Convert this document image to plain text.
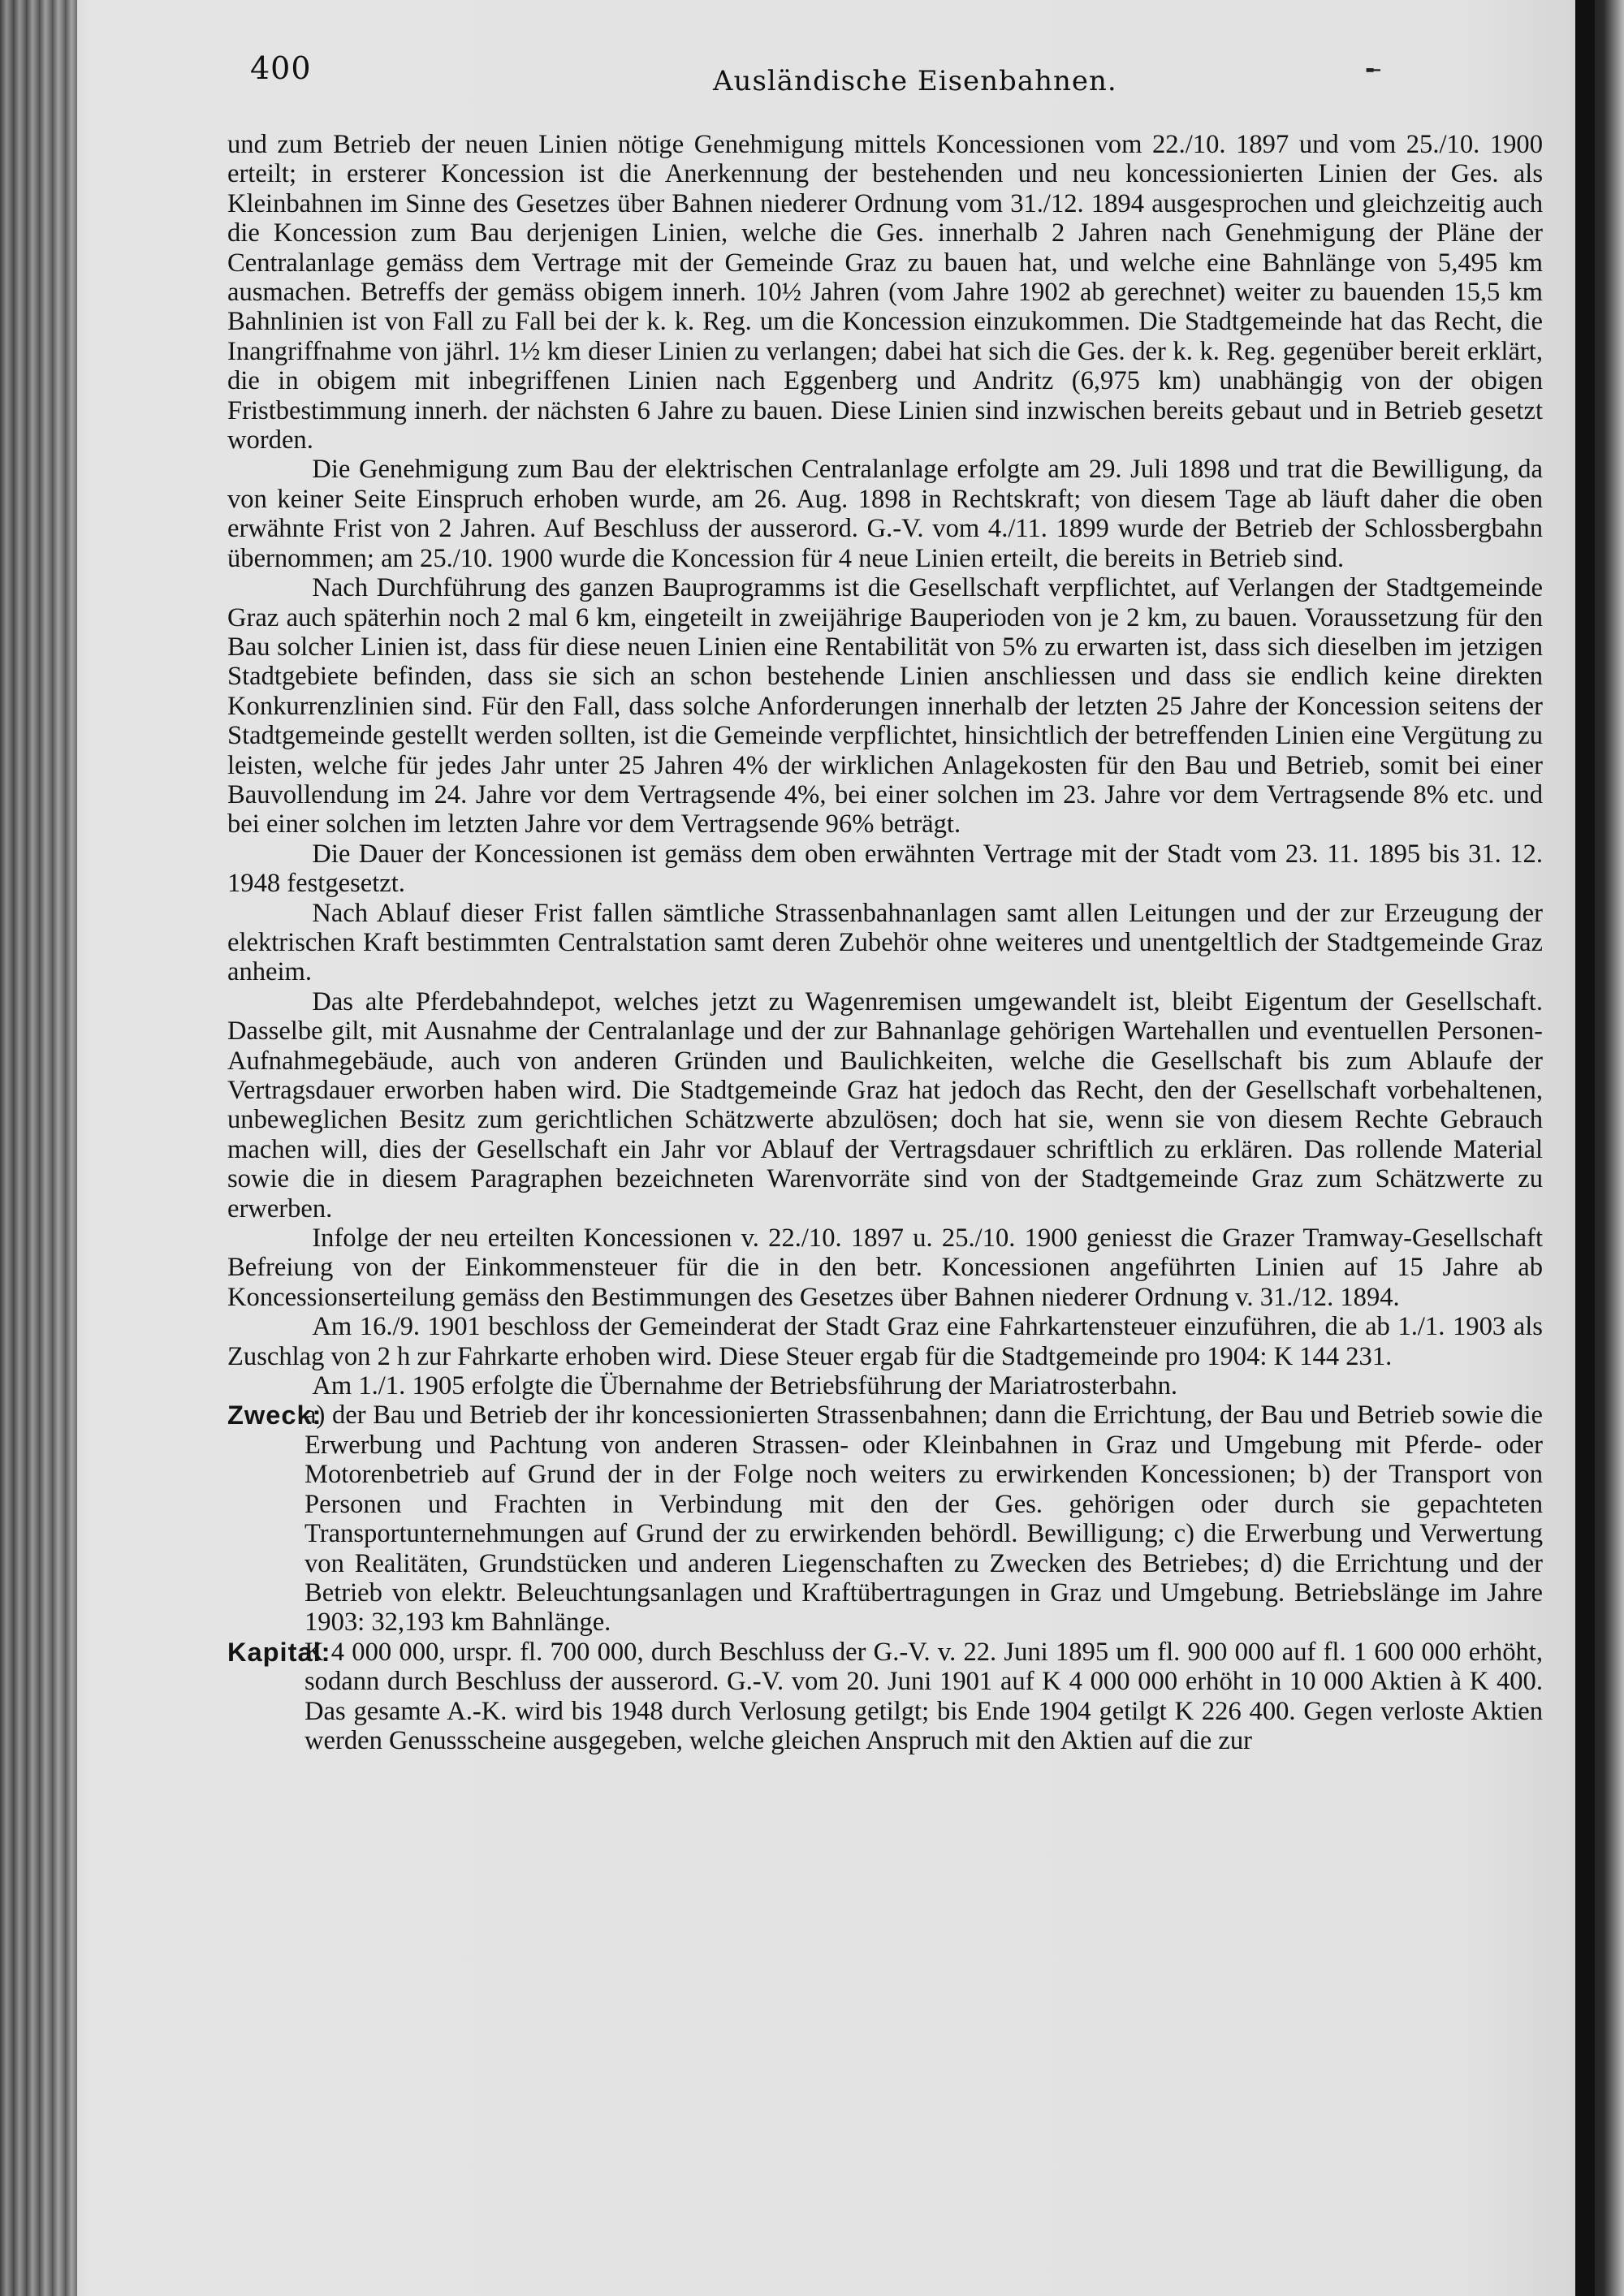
400	Ausländische Eisenbahnen.	╾

und zum Betrieb der neuen Linien nötige Genehmigung mittels Koncessionen vom 22./10. 1897 und vom 25./10. 1900 erteilt; in ersterer Koncession ist die Anerkennung der bestehenden und neu koncessionierten Linien der Ges. als Kleinbahnen im Sinne des Gesetzes über Bahnen niederer Ordnung vom 31./12. 1894 ausgesprochen und gleichzeitig auch die Koncession zum Bau derjenigen Linien, welche die Ges. innerhalb 2 Jahren nach Genehmigung der Pläne der Centralanlage gemäss dem Vertrage mit der Gemeinde Graz zu bauen hat, und welche eine Bahnlänge von 5,495 km ausmachen. Betreffs der gemäss obigem innerh. 10½ Jahren (vom Jahre 1902 ab gerechnet) weiter zu bauenden 15,5 km Bahnlinien ist von Fall zu Fall bei der k. k. Reg. um die Koncession einzukommen. Die Stadtgemeinde hat das Recht, die Inangriffnahme von jährl. 1½ km dieser Linien zu verlangen; dabei hat sich die Ges. der k. k. Reg. gegenüber bereit erklärt, die in obigem mit inbegriffenen Linien nach Eggenberg und Andritz (6,975 km) unabhängig von der obigen Fristbestimmung innerh. der nächsten 6 Jahre zu bauen. Diese Linien sind inzwischen bereits gebaut und in Betrieb gesetzt worden.

Die Genehmigung zum Bau der elektrischen Centralanlage erfolgte am 29. Juli 1898 und trat die Bewilligung, da von keiner Seite Einspruch erhoben wurde, am 26. Aug. 1898 in Rechtskraft; von diesem Tage ab läuft daher die oben erwähnte Frist von 2 Jahren. Auf Beschluss der ausserord. G.-V. vom 4./11. 1899 wurde der Betrieb der Schlossbergbahn übernommen; am 25./10. 1900 wurde die Koncession für 4 neue Linien erteilt, die bereits in Betrieb sind.

Nach Durchführung des ganzen Bauprogramms ist die Gesellschaft verpflichtet, auf Verlangen der Stadtgemeinde Graz auch späterhin noch 2 mal 6 km, eingeteilt in zweijährige Bauperioden von je 2 km, zu bauen. Voraussetzung für den Bau solcher Linien ist, dass für diese neuen Linien eine Rentabilität von 5% zu erwarten ist, dass sich dieselben im jetzigen Stadtgebiete befinden, dass sie sich an schon bestehende Linien anschliessen und dass sie endlich keine direkten Konkurrenzlinien sind. Für den Fall, dass solche Anforderungen innerhalb der letzten 25 Jahre der Koncession seitens der Stadtgemeinde gestellt werden sollten, ist die Gemeinde verpflichtet, hinsichtlich der betreffenden Linien eine Vergütung zu leisten, welche für jedes Jahr unter 25 Jahren 4% der wirklichen Anlagekosten für den Bau und Betrieb, somit bei einer Bauvollendung im 24. Jahre vor dem Vertragsende 4%, bei einer solchen im 23. Jahre vor dem Vertragsende 8% etc. und bei einer solchen im letzten Jahre vor dem Vertragsende 96% beträgt.

Die Dauer der Koncessionen ist gemäss dem oben erwähnten Vertrage mit der Stadt vom 23. 11. 1895 bis 31. 12. 1948 festgesetzt.

Nach Ablauf dieser Frist fallen sämtliche Strassenbahnanlagen samt allen Leitungen und der zur Erzeugung der elektrischen Kraft bestimmten Centralstation samt deren Zubehör ohne weiteres und unentgeltlich der Stadtgemeinde Graz anheim.

Das alte Pferdebahndepot, welches jetzt zu Wagenremisen umgewandelt ist, bleibt Eigentum der Gesellschaft. Dasselbe gilt, mit Ausnahme der Centralanlage und der zur Bahnanlage gehörigen Wartehallen und eventuellen Personen-Aufnahmegebäude, auch von anderen Gründen und Baulichkeiten, welche die Gesellschaft bis zum Ablaufe der Vertragsdauer erworben haben wird. Die Stadtgemeinde Graz hat jedoch das Recht, den der Gesellschaft vorbehaltenen, unbeweglichen Besitz zum gerichtlichen Schätzwerte abzulösen; doch hat sie, wenn sie von diesem Rechte Gebrauch machen will, dies der Gesellschaft ein Jahr vor Ablauf der Vertragsdauer schriftlich zu erklären. Das rollende Material sowie die in diesem Paragraphen bezeichneten Warenvorräte sind von der Stadtgemeinde Graz zum Schätzwerte zu erwerben.

Infolge der neu erteilten Koncessionen v. 22./10. 1897 u. 25./10. 1900 geniesst die Grazer Tramway-Gesellschaft Befreiung von der Einkommensteuer für die in den betr. Koncessionen angeführten Linien auf 15 Jahre ab Koncessionserteilung gemäss den Bestimmungen des Gesetzes über Bahnen niederer Ordnung v. 31./12. 1894.

Am 16./9. 1901 beschloss der Gemeinderat der Stadt Graz eine Fahrkartensteuer einzuführen, die ab 1./1. 1903 als Zuschlag von 2 h zur Fahrkarte erhoben wird. Diese Steuer ergab für die Stadtgemeinde pro 1904: K 144 231.

Am 1./1. 1905 erfolgte die Übernahme der Betriebsführung der Mariatrosterbahn.

Zweck:
a) der Bau und Betrieb der ihr koncessionierten Strassenbahnen; dann die Errichtung, der Bau und Betrieb sowie die Erwerbung und Pachtung von anderen Strassen- oder Kleinbahnen in Graz und Umgebung mit Pferde- oder Motorenbetrieb auf Grund der in der Folge noch weiters zu erwirkenden Koncessionen; b) der Transport von Personen und Frachten in Verbindung mit den der Ges. gehörigen oder durch sie gepachteten Transportunternehmungen auf Grund der zu erwirkenden behördl. Bewilligung; c) die Erwerbung und Verwertung von Realitäten, Grundstücken und anderen Liegenschaften zu Zwecken des Betriebes; d) die Errichtung und der Betrieb von elektr. Beleuchtungsanlagen und Kraftübertragungen in Graz und Umgebung. Betriebslänge im Jahre 1903: 32,193 km Bahnlänge.

Kapital:
K 4 000 000, urspr. fl. 700 000, durch Beschluss der G.-V. v. 22. Juni 1895 um fl. 900 000 auf fl. 1 600 000 erhöht, sodann durch Beschluss der ausserord. G.-V. vom 20. Juni 1901 auf K 4 000 000 erhöht in 10 000 Aktien à K 400. Das gesamte A.-K. wird bis 1948 durch Verlosung getilgt; bis Ende 1904 getilgt K 226 400. Gegen verloste Aktien werden Genussscheine ausgegeben, welche gleichen Anspruch mit den Aktien auf die zur
